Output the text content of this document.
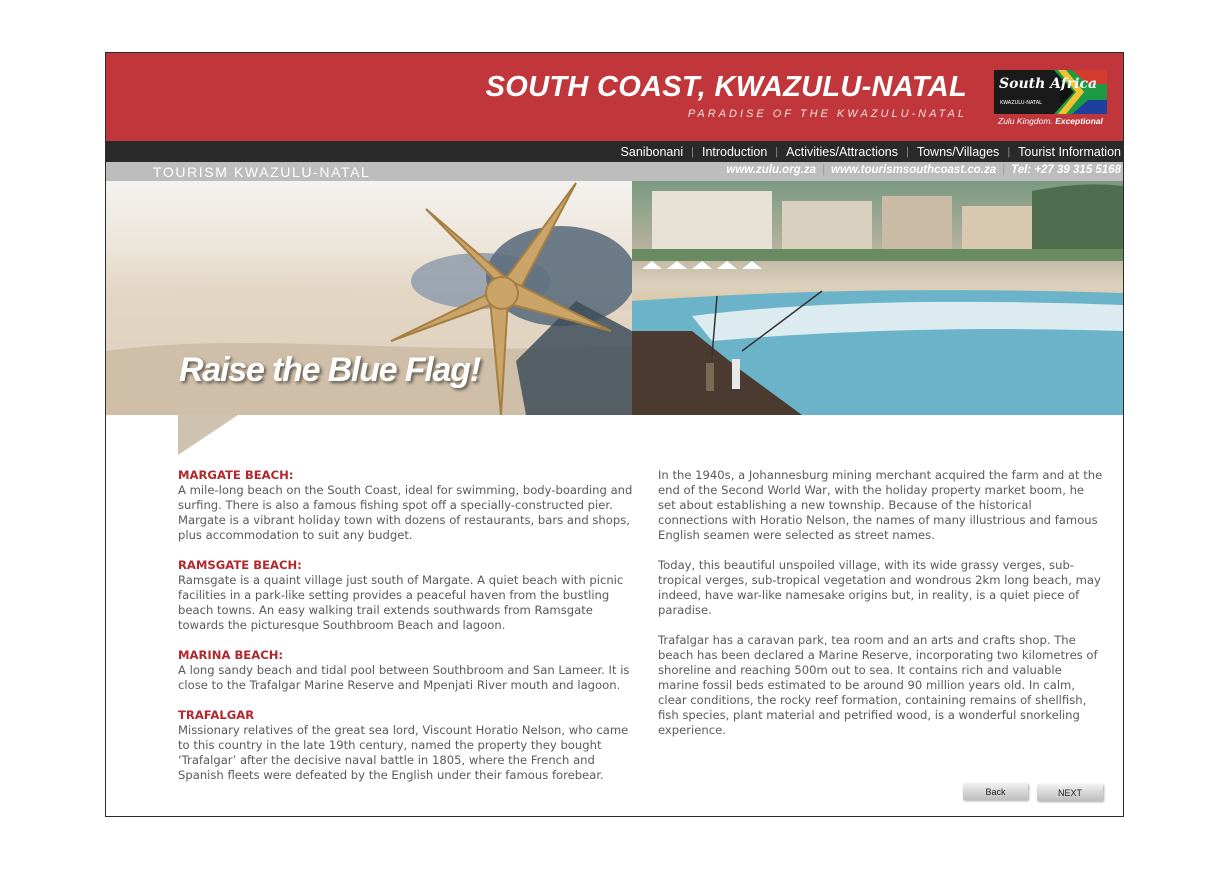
SOUTH COAST, KWAZULU-NATAL
PARADISE OF THE KWAZULU-NATAL
South Africa
KWAZULU-NATAL
Zulu Kingdom. Exceptional
Sanibonani | Introduction | Activities/Attractions | Towns/Villages | Tourist Information
TOURISM KWAZULU-NATAL	www.zulu.org.za | www.tourismsouthcoast.co.za | Tel: +27 39 315 5168
Raise the Blue Flag!
MARGATE BEACH:
A mile-long beach on the South Coast, ideal for swimming, body-boarding and surfing. There is also a famous fishing spot off a specially-constructed pier. Margate is a vibrant holiday town with dozens of restaurants, bars and shops, plus accommodation to suit any budget.
RAMSGATE BEACH:
Ramsgate is a quaint village just south of Margate. A quiet beach with picnic facilities in a park-like setting provides a peaceful haven from the bustling beach towns. An easy walking trail extends southwards from Ramsgate towards the picturesque Southbroom Beach and lagoon.
MARINA BEACH:
A long sandy beach and tidal pool between Southbroom and San Lameer. It is close to the Trafalgar Marine Reserve and Mpenjati River mouth and lagoon.
TRAFALGAR
Missionary relatives of the great sea lord, Viscount Horatio Nelson, who came to this country in the late 19th century, named the property they bought ‘Trafalgar’ after the decisive naval battle in 1805, where the French and Spanish fleets were defeated by the English under their famous forebear.

In the 1940s, a Johannesburg mining merchant acquired the farm and at the end of the Second World War, with the holiday property market boom, he set about establishing a new township. Because of the historical connections with Horatio Nelson, the names of many illustrious and famous English seamen were selected as street names.

Today, this beautiful unspoiled village, with its wide grassy verges, sub-tropical verges, sub-tropical vegetation and wondrous 2km long beach, may indeed, have war-like namesake origins but, in reality, is a quiet piece of paradise.

Trafalgar has a caravan park, tea room and an arts and crafts shop. The beach has been declared a Marine Reserve, incorporating two kilometres of shoreline and reaching 500m out to sea. It contains rich and valuable marine fossil beds estimated to be around 90 million years old. In calm, clear conditions, the rocky reef formation, containing remains of shellfish, fish species, plant material and petrified wood, is a wonderful snorkeling experience.

Back	NEXT
